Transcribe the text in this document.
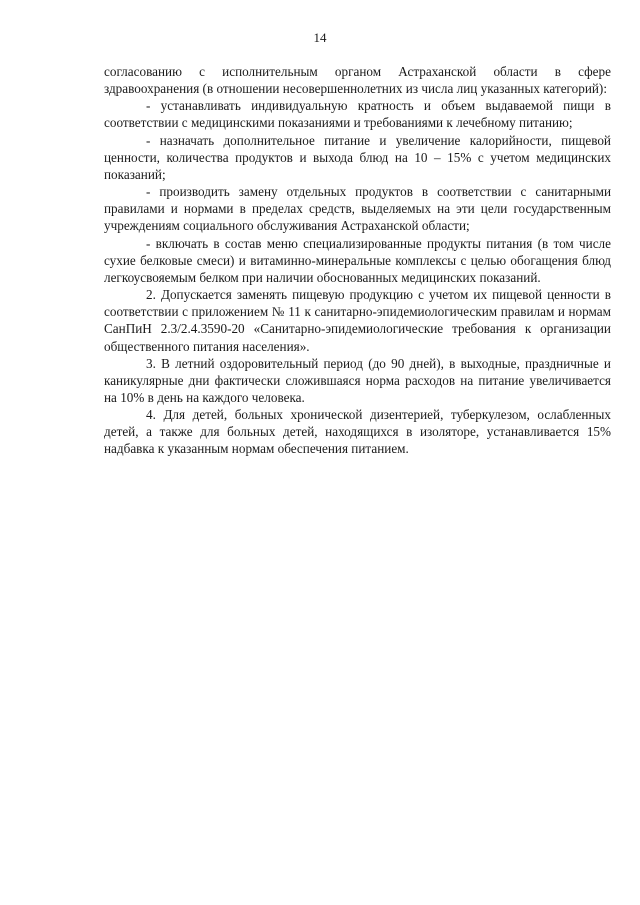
14

согласованию с исполнительным органом Астраханской области в сфере здравоохранения (в отношении несовершеннолетних из числа лиц указанных категорий):

- устанавливать индивидуальную кратность и объем выдаваемой пищи в соответствии с медицинскими показаниями и требованиями к лечебному питанию;

- назначать дополнительное питание и увеличение калорийности, пищевой ценности, количества продуктов и выхода блюд на 10 – 15% с учетом медицинских показаний;

- производить замену отдельных продуктов в соответствии с санитарными правилами и нормами в пределах средств, выделяемых на эти цели государственным учреждениям социального обслуживания Астраханской области;

- включать в состав меню специализированные продукты питания (в том числе сухие белковые смеси) и витаминно-минеральные комплексы с целью обогащения блюд легкоусвояемым белком при наличии обоснованных медицинских показаний.

2. Допускается заменять пищевую продукцию с учетом их пищевой ценности в соответствии с приложением № 11 к санитарно-эпидемиологическим правилам и нормам СанПиН 2.3/2.4.3590-20 «Санитарно-эпидемиологические требования к организации общественного питания населения».

3. В летний оздоровительный период (до 90 дней), в выходные, праздничные и каникулярные дни фактически сложившаяся норма расходов на питание увеличивается на 10% в день на каждого человека.

4. Для детей, больных хронической дизентерией, туберкулезом, ослабленных детей, а также для больных детей, находящихся в изоляторе, устанавливается 15% надбавка к указанным нормам обеспечения питанием.
